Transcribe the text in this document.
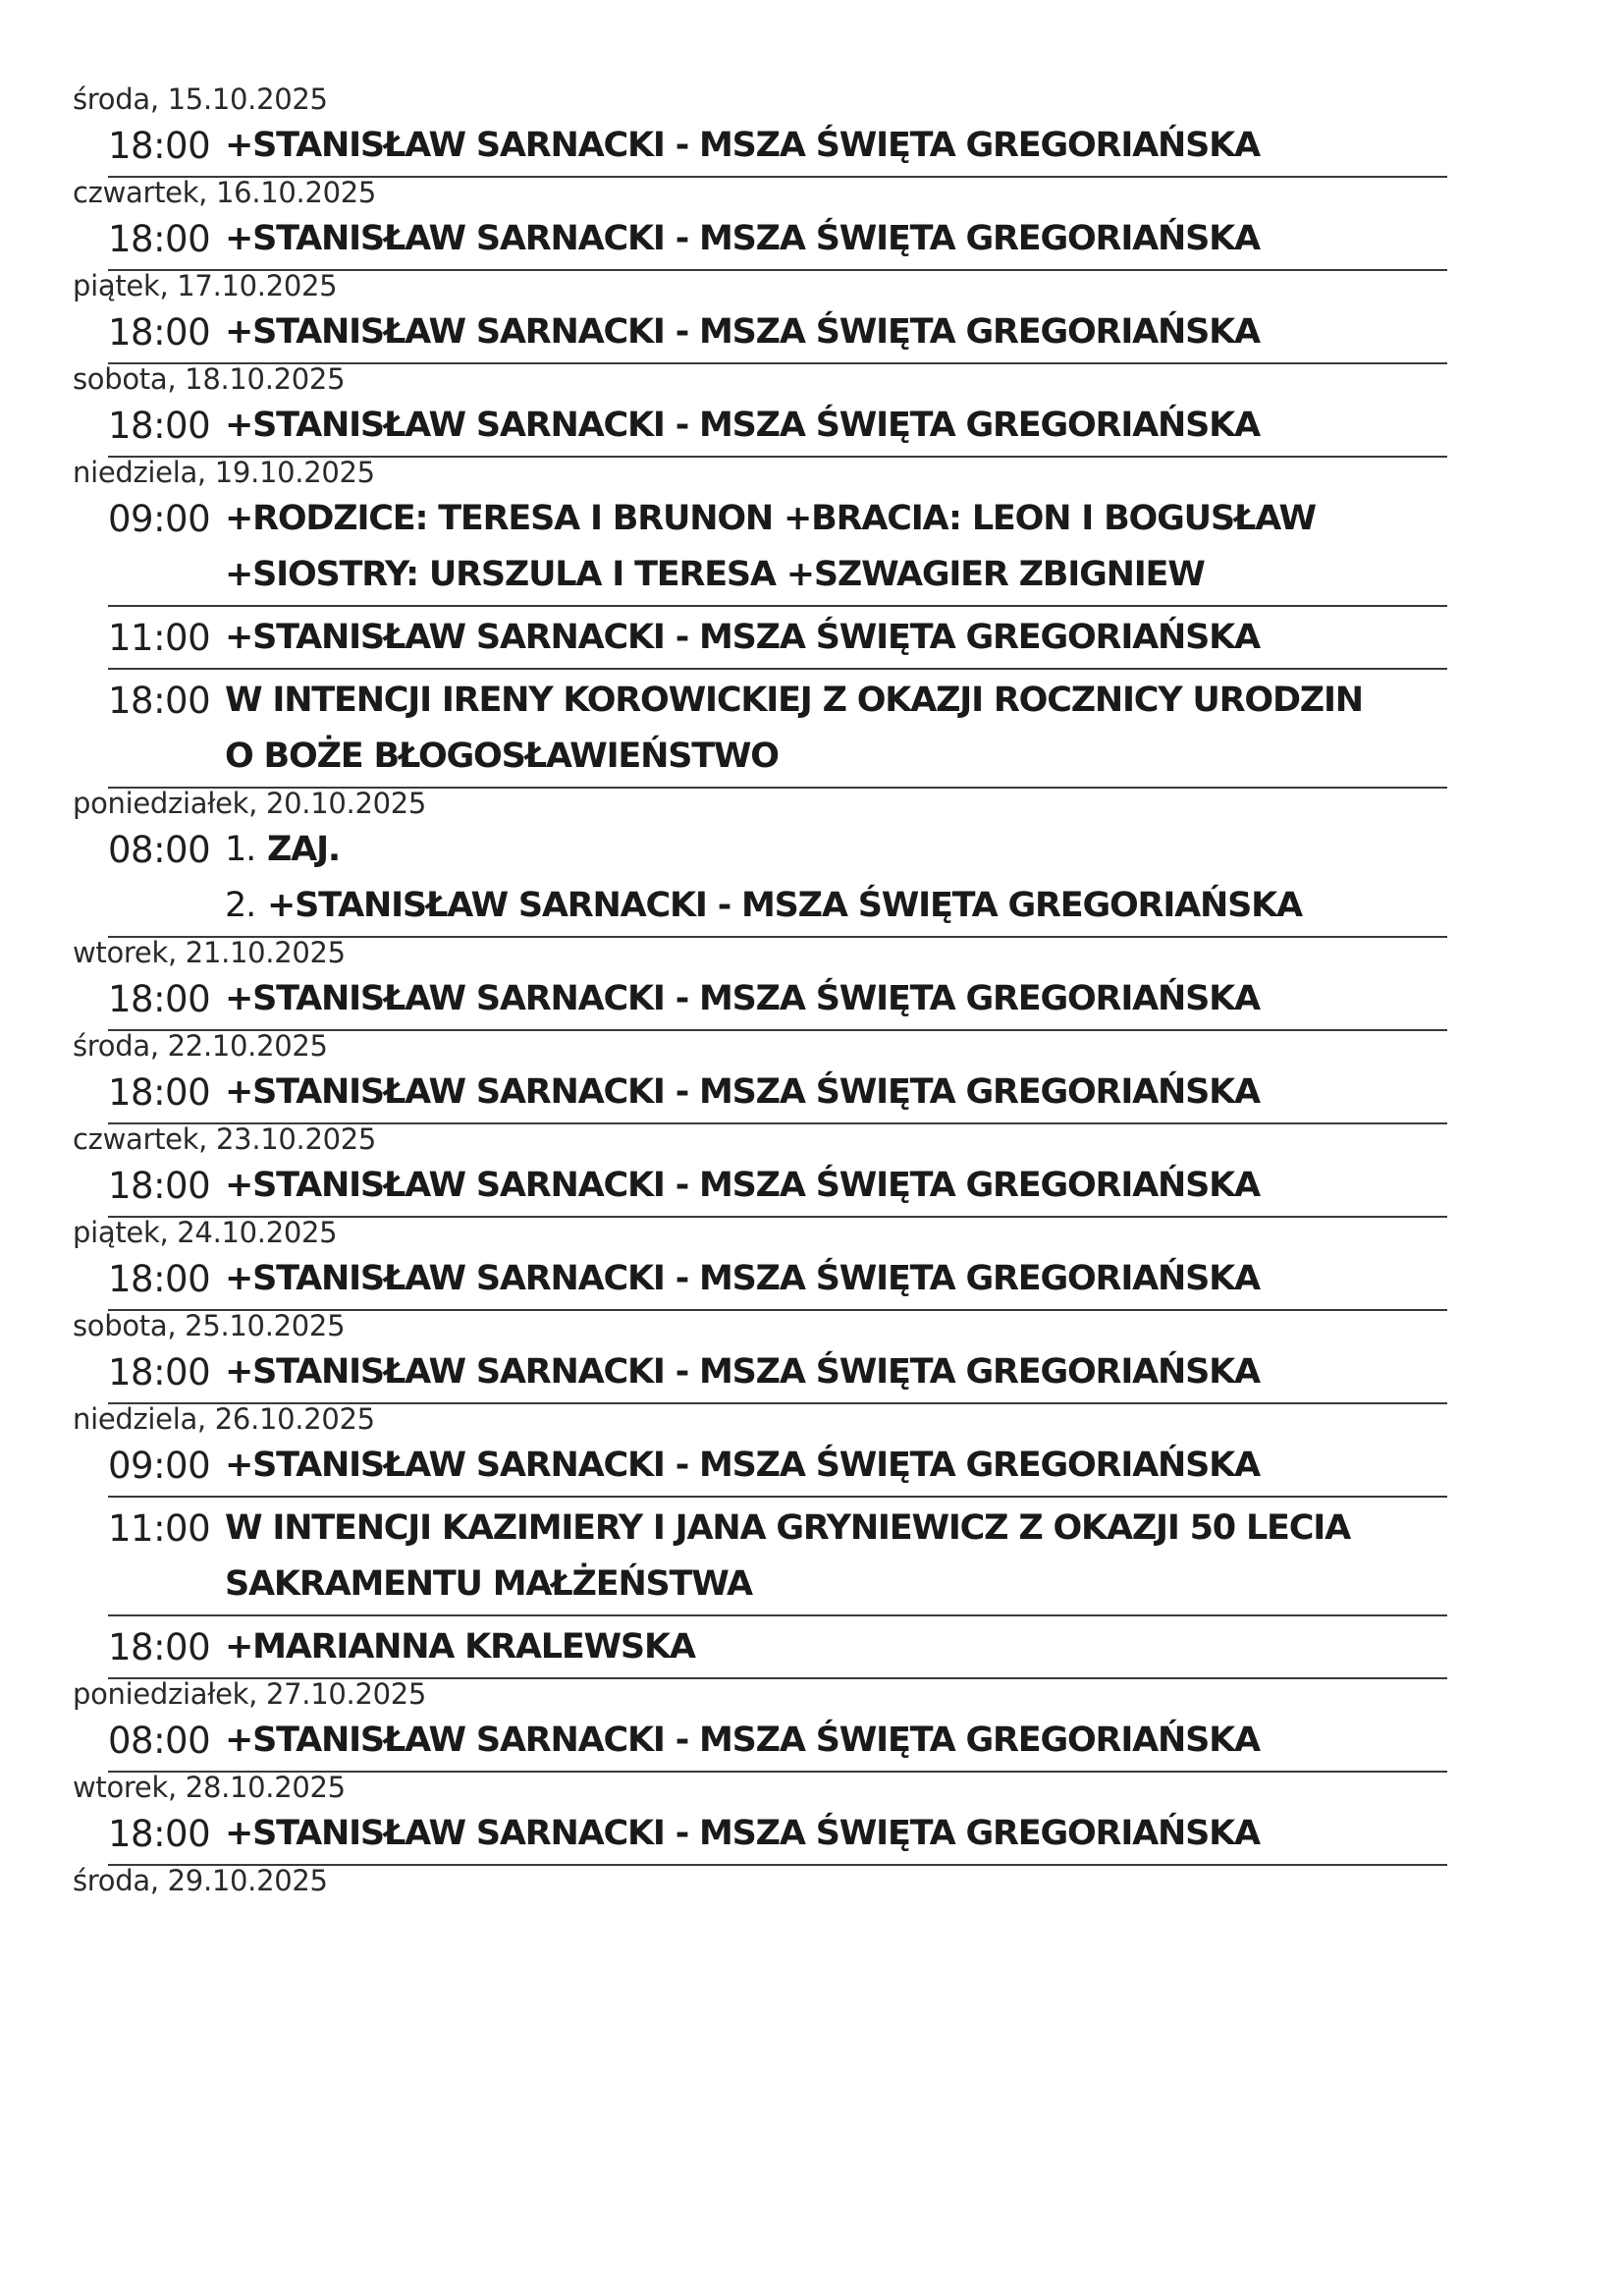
środa, 15.10.2025
18:00 +STANISŁAW SARNACKI - MSZA ŚWIĘTA GREGORIAŃSKA
czwartek, 16.10.2025
18:00 +STANISŁAW SARNACKI - MSZA ŚWIĘTA GREGORIAŃSKA
piątek, 17.10.2025
18:00 +STANISŁAW SARNACKI - MSZA ŚWIĘTA GREGORIAŃSKA
sobota, 18.10.2025
18:00 +STANISŁAW SARNACKI - MSZA ŚWIĘTA GREGORIAŃSKA
niedziela, 19.10.2025
09:00 +RODZICE: TERESA I BRUNON +BRACIA: LEON I BOGUSŁAW
+SIOSTRY: URSZULA I TERESA +SZWAGIER ZBIGNIEW
11:00 +STANISŁAW SARNACKI - MSZA ŚWIĘTA GREGORIAŃSKA
18:00 W INTENCJI IRENY KOROWICKIEJ Z OKAZJI ROCZNICY URODZIN
O BOŻE BŁOGOSŁAWIEŃSTWO
poniedziałek, 20.10.2025
08:00 1. ZAJ.
2. +STANISŁAW SARNACKI - MSZA ŚWIĘTA GREGORIAŃSKA
wtorek, 21.10.2025
18:00 +STANISŁAW SARNACKI - MSZA ŚWIĘTA GREGORIAŃSKA
środa, 22.10.2025
18:00 +STANISŁAW SARNACKI - MSZA ŚWIĘTA GREGORIAŃSKA
czwartek, 23.10.2025
18:00 +STANISŁAW SARNACKI - MSZA ŚWIĘTA GREGORIAŃSKA
piątek, 24.10.2025
18:00 +STANISŁAW SARNACKI - MSZA ŚWIĘTA GREGORIAŃSKA
sobota, 25.10.2025
18:00 +STANISŁAW SARNACKI - MSZA ŚWIĘTA GREGORIAŃSKA
niedziela, 26.10.2025
09:00 +STANISŁAW SARNACKI - MSZA ŚWIĘTA GREGORIAŃSKA
11:00 W INTENCJI KAZIMIERY I JANA GRYNIEWICZ Z OKAZJI 50 LECIA
SAKRAMENTU MAŁŻEŃSTWA
18:00 +MARIANNA KRALEWSKA
poniedziałek, 27.10.2025
08:00 +STANISŁAW SARNACKI - MSZA ŚWIĘTA GREGORIAŃSKA
wtorek, 28.10.2025
18:00 +STANISŁAW SARNACKI - MSZA ŚWIĘTA GREGORIAŃSKA
środa, 29.10.2025
